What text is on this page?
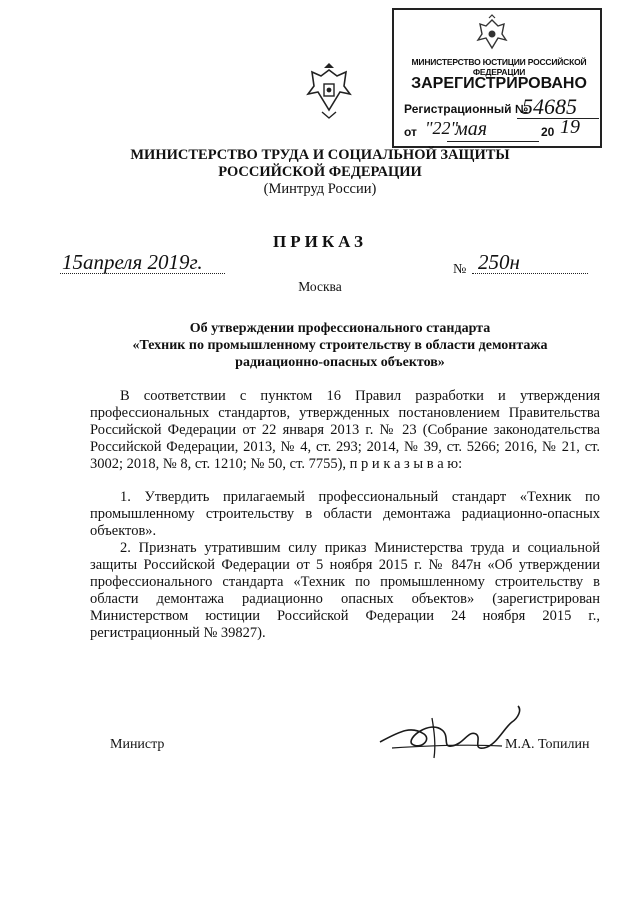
МИНИСТЕРСТВО ЮСТИЦИИ РОССИЙСКОЙ ФЕДЕРАЦИИ
ЗАРЕГИСТРИРОВАНО
Регистрационный №
54685
от "22"
мая	20 19
МИНИСТЕРСТВО ТРУДА И СОЦИАЛЬНОЙ ЗАЩИТЫ
РОССИЙСКОЙ ФЕДЕРАЦИИ
(Минтруд России)
ПРИКАЗ
15апреля 2019г.	№ 250н
Москва
Об утверждении профессионального стандарта
«Техник по промышленному строительству в области демонтажа
радиационно-опасных объектов»
В соответствии с пунктом 16 Правил разработки и утверждения профессиональных стандартов, утвержденных постановлением Правительства Российской Федерации от 22 января 2013 г. № 23 (Собрание законодательства Российской Федерации, 2013, № 4, ст. 293; 2014, № 39, ст. 5266; 2016, № 21, ст. 3002; 2018, № 8, ст. 1210; № 50, ст. 7755), п р и к а з ы в а ю:
1. Утвердить прилагаемый профессиональный стандарт «Техник по промышленному строительству в области демонтажа радиационно-опасных объектов».
2. Признать утратившим силу приказ Министерства труда и социальной защиты Российской Федерации от 5 ноября 2015 г. № 847н «Об утверждении профессионального стандарта «Техник по промышленному строительству в области демонтажа радиационно опасных объектов» (зарегистрирован Министерством юстиции Российской Федерации 24 ноября 2015 г., регистрационный № 39827).
Министр	М.А. Топилин
